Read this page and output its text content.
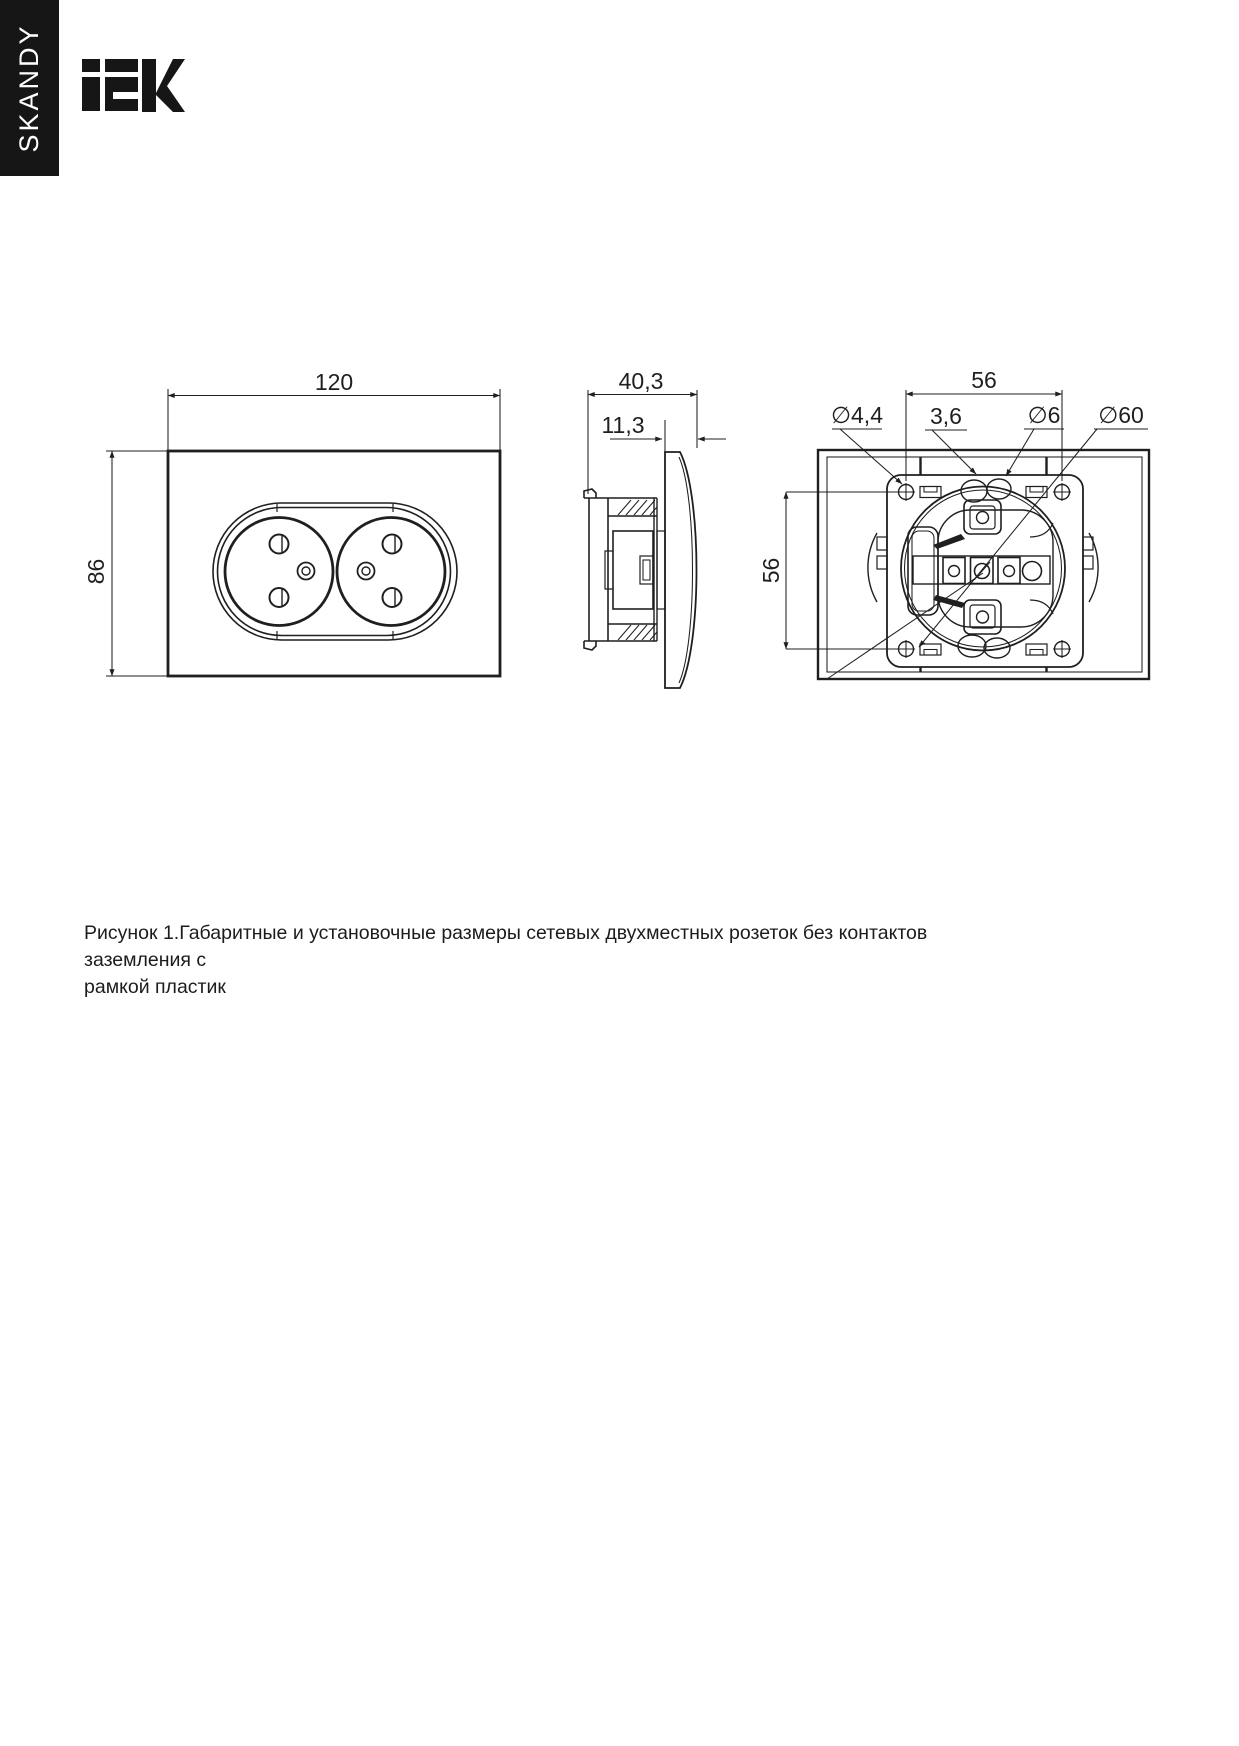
SKANDY
120
86
40,3
11,3
56
56
∅4,4 3,6	∅6 ∅60
Рисунок 1.Габаритные и установочные размеры сетевых двухместных розеток без контактов заземления с
рамкой пластик
